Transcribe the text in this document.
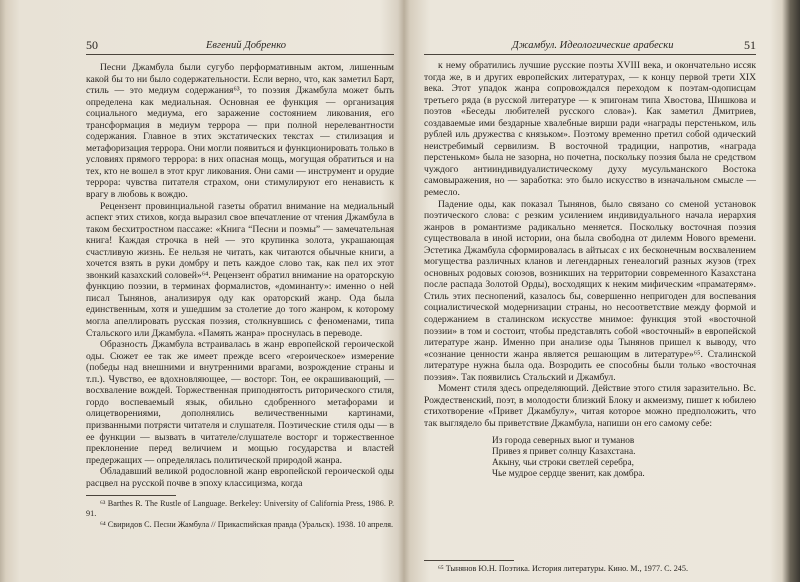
50	Евгений Добренко

Песни Джамбула были сугубо перформативным актом, лишенным какой бы то ни было содержательности. Если верно, что, как заметил Барт, стиль — это медиум содержания⁶³, то поэзия Джамбула может быть определена как медиальная. Основная ее функция — организация социального медиума, его заражение состоянием ликования, его трансформация в медиум террора — при полной нерелевантности содержания. Главное в этих экстатических текстах — стилизация и метафоризация террора. Они могли появиться и функционировать только в условиях прямого террора: в них опасная мощь, могущая обратиться и на тех, кто не вошел в этот круг ликования. Они сами — инструмент и орудие террора: чувства питателя страхом, они стимулируют его ненависть к врагу в любовь к вождю.

Рецензент провинциальной газеты обратил внимание на медиальный аспект этих стихов, когда выразил свое впечатление от чтения Джамбула в таком бесхитростном пассаже: «Книга “Песни и поэмы” — замечательная книга! Каждая строчка в ней — это крупинка золота, украшающая счастливую жизнь. Ее нельзя не читать, как читаются обычные книги, а хочется взять в руки домбру и петь каждое слово так, как пел их этот звонкий казахский соловей»⁶⁴. Рецензент обратил внимание на ораторскую функцию поэзии, в терминах формалистов, «доминанту»: именно о ней писал Тынянов, анализируя оду как ораторский жанр. Ода была единственным, хотя и ушедшим за столетие до того жанром, к которому могла апеллировать русская поэзия, столкнувшись с феноменами, типа Стальского или Джамбула. «Память жанра» проснулась в переводе.

Образность Джамбула встраивалась в жанр европейской героической оды. Сюжет ее так же имеет прежде всего «героическое» измерение (победы над внешними и внутренними врагами, возрождение страны и т.п.). Чувство, ее вдохновляющее, — восторг. Тон, ее окрашивающий, — восхваление вождей. Торжественная приподнятость риторического стиля, гордо воспеваемый язык, обильно сдобренного метафорами и олицетворениями, дополнялись величественными картинами, призванными потрясти читателя и слушателя. Поэтические стиля оды — в ее функции — вызвать в читателе/слушателе восторг и торжественное преклонение перед величием и мощью государства и властей предержащих — определялась политической природой жанра.

Обладавший великой родословной жанр европейской героической оды расцвел на русской почве в эпоху классицизма, когда

⁶³ Barthes R. The Rustle of Language. Berkeley: University of California Press, 1986. P. 91.

⁶⁴ Свиридов С. Песни Жамбула // Прикаспийская правда (Уральск). 1938. 10 апреля.

Джамбул. Идеологические арабески	51

к нему обратились лучшие русские поэты XVIII века, и окончательно иссяк тогда же, в и других европейских литературах, — к концу первой трети XIX века. Этот упадок жанра сопровождался переходом к поэтам-одописцам третьего ряда (в русской литературе — к эпигонам типа Хвостова, Шишкова и поэтов «Беседы любителей русского слова»). Как заметил Дмитриев, создаваемые ими бездарные хвалебные вирши ради «награды перстеньком, иль рублей иль дружества с князьком». Поэтому временно претил собой одический неистребимый сервилизм. В восточной традиции, напротив, «награда перстеньком» была не зазорна, но почетна, поскольку поэзия была не средством чуждого антииндивидуалистическому духу мусульманского Востока самовыражения, но — заработка: это было искусство в изначальном смысле — ремесло.

Падение оды, как показал Тынянов, было связано со сменой установок поэтического слова: с резким усилением индивидуального начала иерархия жанров в романтизме радикально меняется. Поскольку восточная поэзия существовала в иной истории, она была свободна от дилемм Нового времени. Эстетика Джамбула сформировалась в айтысах с их бесконечным восхвалением могущества различных кланов и легендарных генеалогий разных жузов (трех основных родовых союзов, возникших на территории современного Казахстана после распада Золотой Орды), восходящих к неким мифическим «праматерям». Стиль этих песнопений, казалось бы, совершенно непригоден для воспевания социалистической модернизации страны, но несоответствие между формой и содержанием в сталинском искусстве мнимое: функция этой «восточной поэзии» в том и состоит, чтобы представлять собой «восточный» в европейской литературе жанр. Именно при анализе оды Тынянов пришел к выводу, что «сознание ценности жанра является решающим в литературе»⁶⁵. Сталинской литературе нужна была ода. Возродить ее способны были только «восточная поэзия». Так появились Стальский и Джамбул.

Момент стиля здесь определяющий. Действие этого стиля заразительно. Вс. Рождественский, поэт, в молодости близкий Блоку и акмеизму, пишет к юбилею стихотворение «Привет Джамбулу», читая которое можно предположить, что так выглядело бы приветствие Джамбула, напиши он его самому себе:

Из города северных вьюг и туманов
Привез я привет солнцу Казахстана.
Акыну, чьи строки светлей серебра,
Чье мудрое сердце звенит, как домбра.

⁶⁵ Тынянов Ю.Н. Поэтика. История литературы. Кино. М., 1977. С. 245.
